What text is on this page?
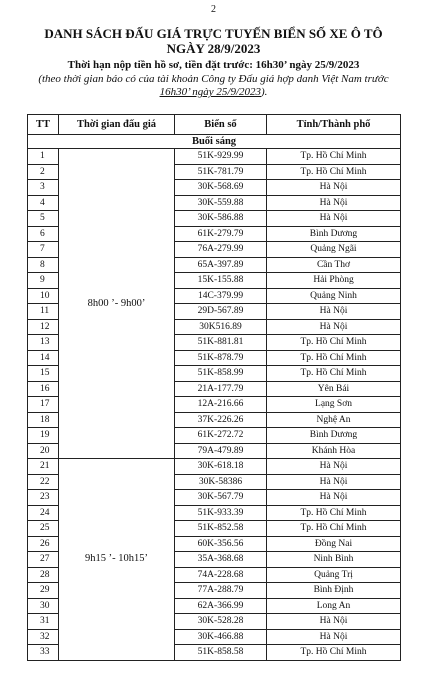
2
DANH SÁCH ĐẤU GIÁ TRỰC TUYẾN BIỂN SỐ XE Ô TÔ
NGÀY 28/9/2023
Thời hạn nộp tiền hồ sơ, tiền đặt trước: 16h30’ ngày 25/9/2023
(theo thời gian báo có của tài khoản Công ty Đấu giá hợp danh Việt Nam trước
16h30’ ngày 25/9/2023).
TT	Thời gian đấu giá	Biển số	Tỉnh/Thành phố
Buổi sáng			
1	8h00 ’- 9h00’	51K-929.99	Tp. Hồ Chí Minh
2		51K-781.79	Tp. Hồ Chí Minh
3		30K-568.69	Hà Nội
4		30K-559.88	Hà Nội
5		30K-586.88	Hà Nội
6		61K-279.79	Bình Dương
7		76A-279.99	Quảng Ngãi
8		65A-397.89	Cần Thơ
9		15K-155.88	Hải Phòng
10		14C-379.99	Quảng Ninh
11		29D-567.89	Hà Nội
12		30K516.89	Hà Nội
13		51K-881.81	Tp. Hồ Chí Minh
14		51K-878.79	Tp. Hồ Chí Minh
15		51K-858.99	Tp. Hồ Chí Minh
16		21A-177.79	Yên Bái
17		12A-216.66	Lạng Sơn
18		37K-226.26	Nghệ An
19		61K-272.72	Bình Dương
20		79A-479.89	Khánh Hòa
21	9h15 ’- 10h15’	30K-618.18	Hà Nội
22		30K-58386	Hà Nội
23		30K-567.79	Hà Nội
24		51K-933.39	Tp. Hồ Chí Minh
25		51K-852.58	Tp. Hồ Chí Minh
26		60K-356.56	Đồng Nai
27		35A-368.68	Ninh Bình
28		74A-228.68	Quảng Trị
29		77A-288.79	Bình Định
30		62A-366.99	Long An
31		30K-528.28	Hà Nội
32		30K-466.88	Hà Nội
33		51K-858.58	Tp. Hồ Chí Minh
